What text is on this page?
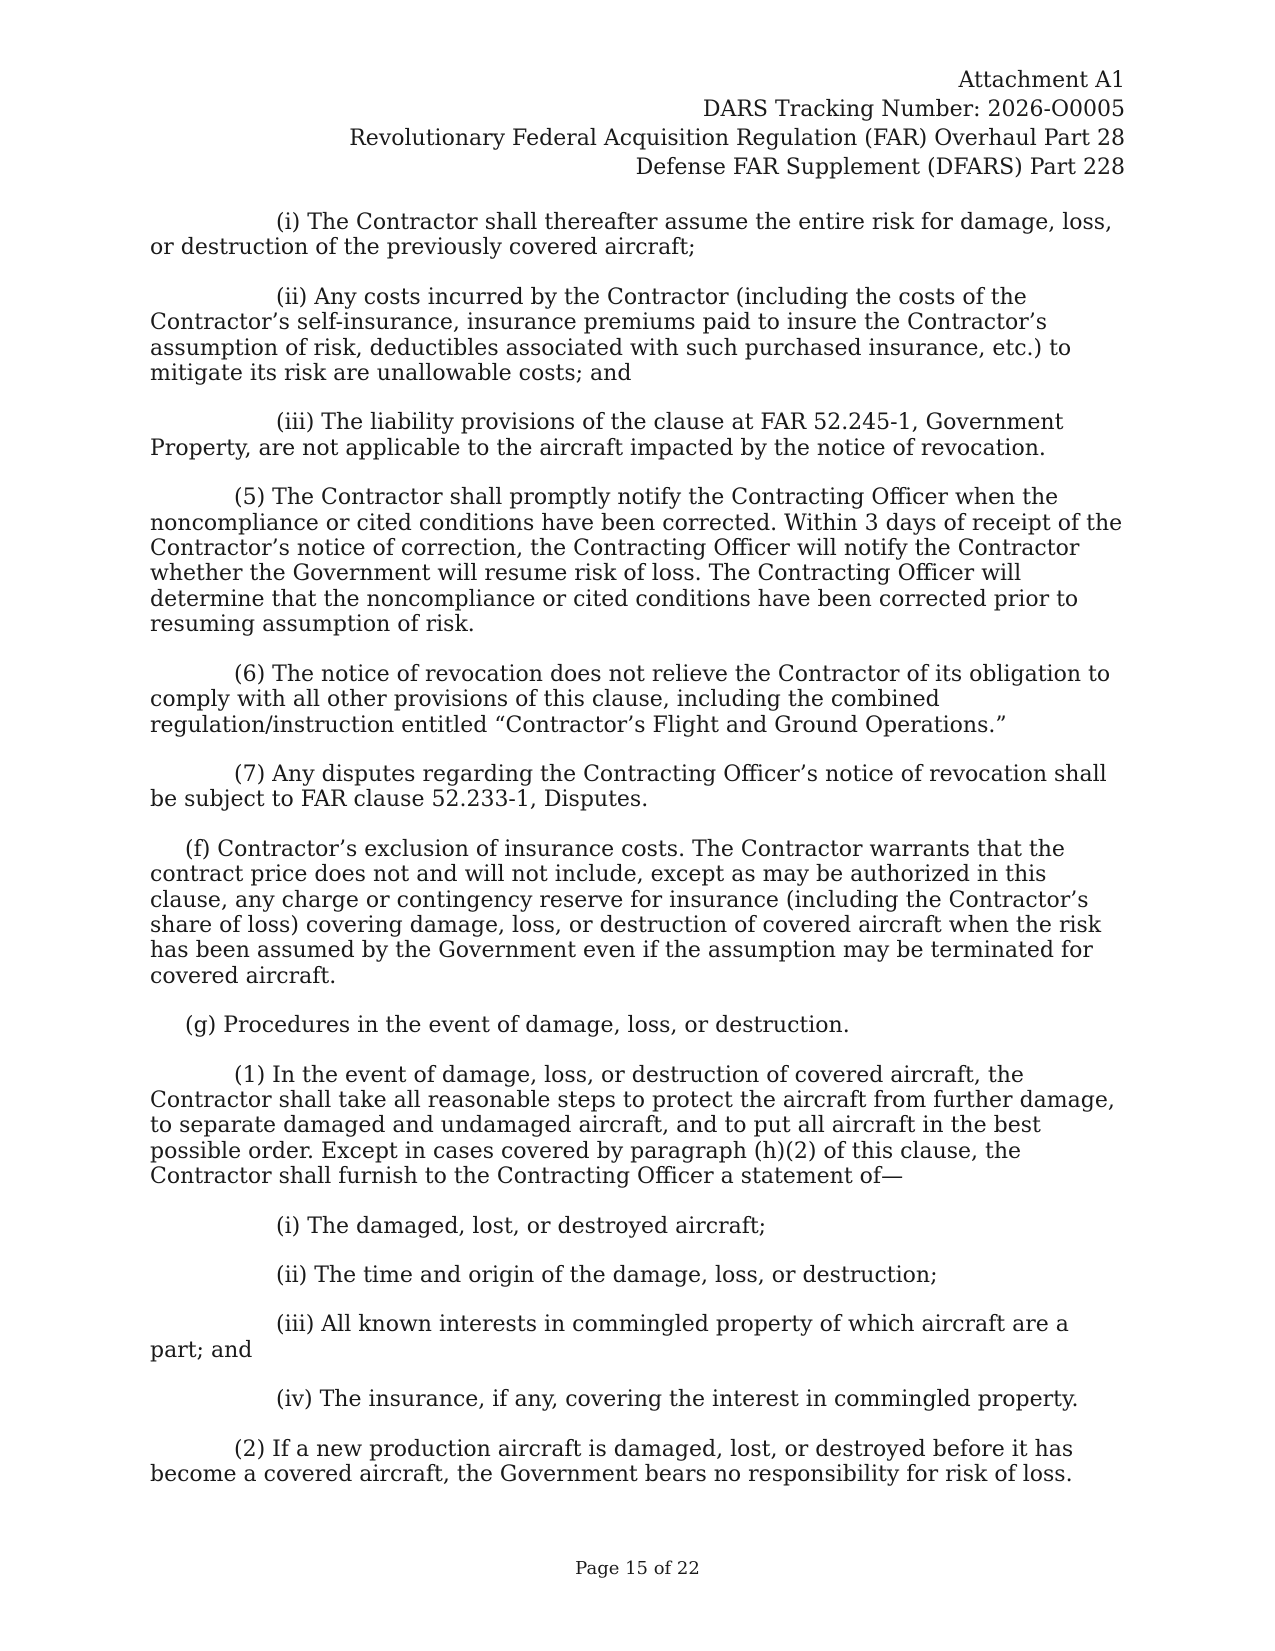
Attachment A1
DARS Tracking Number: 2026-O0005
Revolutionary Federal Acquisition Regulation (FAR) Overhaul Part 28
Defense FAR Supplement (DFARS) Part 228

(i) The Contractor shall thereafter assume the entire risk for damage, loss, or destruction of the previously covered aircraft;

(ii) Any costs incurred by the Contractor (including the costs of the Contractor’s self-insurance, insurance premiums paid to insure the Contractor’s assumption of risk, deductibles associated with such purchased insurance, etc.) to mitigate its risk are unallowable costs; and

(iii) The liability provisions of the clause at FAR 52.245-1, Government Property, are not applicable to the aircraft impacted by the notice of revocation.

(5) The Contractor shall promptly notify the Contracting Officer when the noncompliance or cited conditions have been corrected. Within 3 days of receipt of the Contractor’s notice of correction, the Contracting Officer will notify the Contractor whether the Government will resume risk of loss. The Contracting Officer will determine that the noncompliance or cited conditions have been corrected prior to resuming assumption of risk.

(6) The notice of revocation does not relieve the Contractor of its obligation to comply with all other provisions of this clause, including the combined regulation/instruction entitled “Contractor’s Flight and Ground Operations.”

(7) Any disputes regarding the Contracting Officer’s notice of revocation shall be subject to FAR clause 52.233-1, Disputes.

(f) Contractor’s exclusion of insurance costs. The Contractor warrants that the contract price does not and will not include, except as may be authorized in this clause, any charge or contingency reserve for insurance (including the Contractor’s share of loss) covering damage, loss, or destruction of covered aircraft when the risk has been assumed by the Government even if the assumption may be terminated for covered aircraft.

(g) Procedures in the event of damage, loss, or destruction.

(1) In the event of damage, loss, or destruction of covered aircraft, the Contractor shall take all reasonable steps to protect the aircraft from further damage, to separate damaged and undamaged aircraft, and to put all aircraft in the best possible order. Except in cases covered by paragraph (h)(2) of this clause, the Contractor shall furnish to the Contracting Officer a statement of—

(i) The damaged, lost, or destroyed aircraft;

(ii) The time and origin of the damage, loss, or destruction;

(iii) All known interests in commingled property of which aircraft are a part; and

(iv) The insurance, if any, covering the interest in commingled property.

(2) If a new production aircraft is damaged, lost, or destroyed before it has become a covered aircraft, the Government bears no responsibility for risk of loss.

Page 15 of 22
